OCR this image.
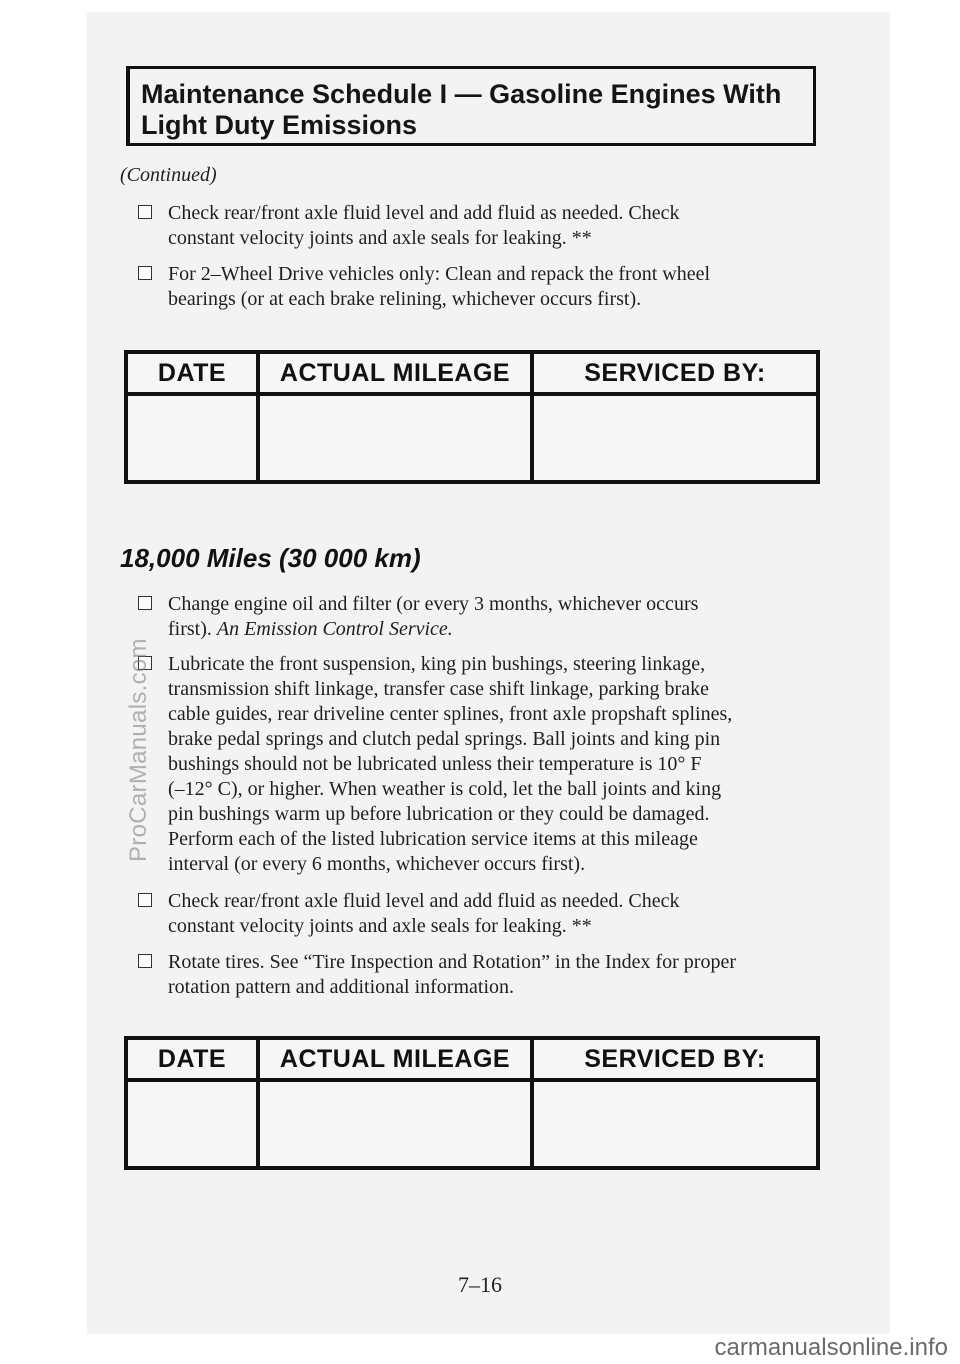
Maintenance Schedule I — Gasoline Engines With
Light Duty Emissions
(Continued)
Check rear/front axle fluid level and add fluid as needed. Check
constant velocity joints and axle seals for leaking. **
For 2–Wheel Drive vehicles only: Clean and repack the front wheel
bearings (or at each brake relining, whichever occurs first).
DATE	ACTUAL MILEAGE	SERVICED BY:

18,000 Miles (30 000 km)
Change engine oil and filter (or every 3 months, whichever occurs
first). An Emission Control Service.
Lubricate the front suspension, king pin bushings, steering linkage,
transmission shift linkage, transfer case shift linkage, parking brake
cable guides, rear driveline center splines, front axle propshaft splines,
brake pedal springs and clutch pedal springs. Ball joints and king pin
bushings should not be lubricated unless their temperature is 10° F
(–12° C), or higher. When weather is cold, let the ball joints and king
pin bushings warm up before lubrication or they could be damaged.
Perform each of the listed lubrication service items at this mileage
interval (or every 6 months, whichever occurs first).
Check rear/front axle fluid level and add fluid as needed. Check
constant velocity joints and axle seals for leaking. **
Rotate tires. See “Tire Inspection and Rotation” in the Index for proper
rotation pattern and additional information.
DATE	ACTUAL MILEAGE	SERVICED BY:

7–16
ProCarManuals.com
carmanualsonline.info
